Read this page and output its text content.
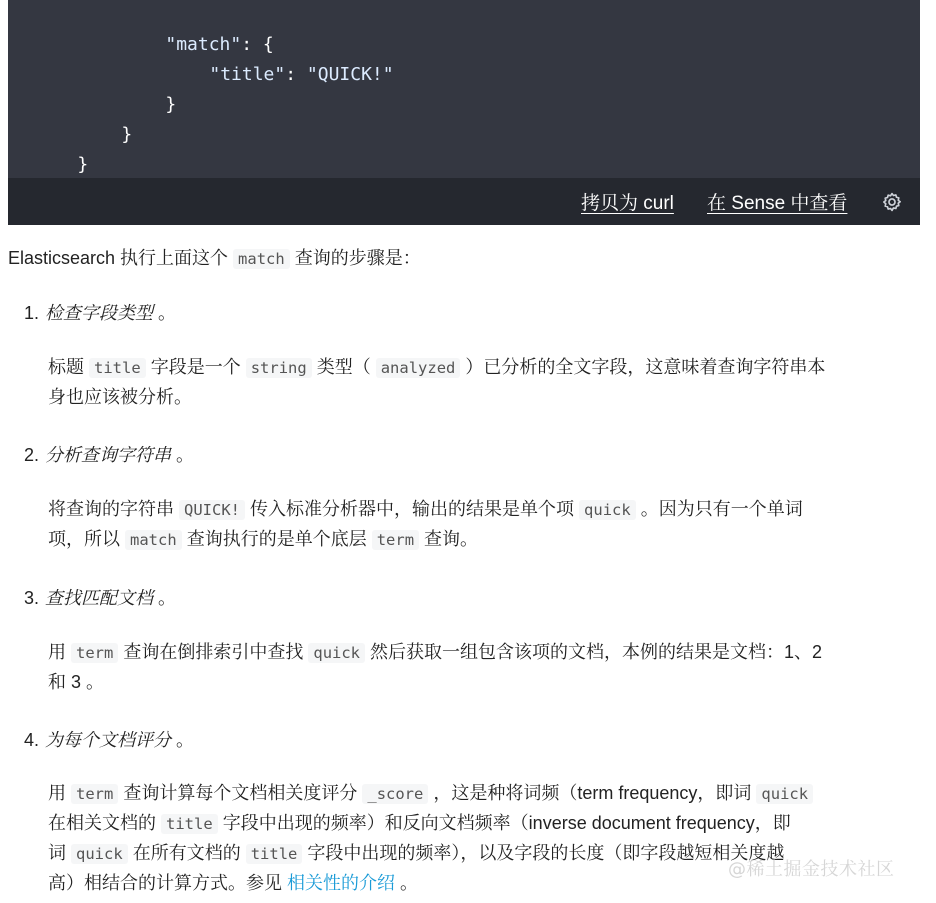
"match": {

"title": "QUICK!"

}

}

}

拷贝为 curl 在 Sense 中查看
Elasticsearch 执行上面这个 match 查询的步骤是：
1. 检查字段类型 。
标题 title 字段是一个 string 类型（ analyzed ）已分析的全文字段，这意味着查询字符串本
身也应该被分析。
2. 分析查询字符串 。
将查询的字符串 QUICK! 传入标准分析器中，输出的结果是单个项 quick 。因为只有一个单词
项，所以 match 查询执行的是单个底层 term 查询。
3. 查找匹配文档 。
用 term 查询在倒排索引中查找 quick 然后获取一组包含该项的文档，本例的结果是文档：1、2
和 3 。
4. 为每个文档评分 。
用 term 查询计算每个文档相关度评分 _score ，这是种将词频（term frequency，即词 quick
在相关文档的 title 字段中出现的频率）和反向文档频率（inverse document frequency，即
词 quick 在所有文档的 title 字段中出现的频率），以及字段的长度（即字段越短相关度越
高）相结合的计算方式。参见 相关性的介绍 。
@稀土掘金技术社区
